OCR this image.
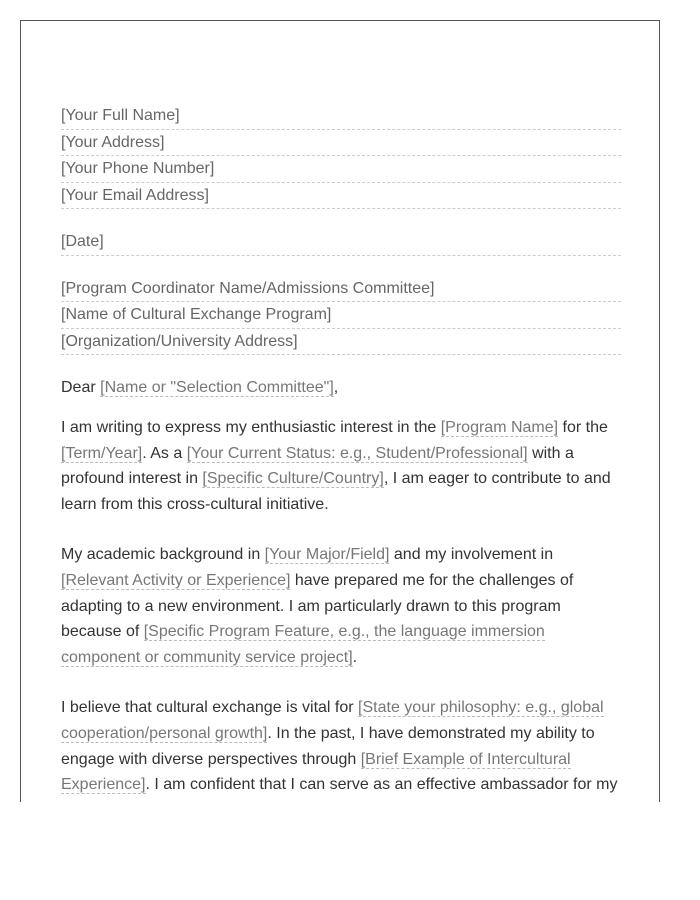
[Your Full Name]
[Your Address]
[Your Phone Number]
[Your Email Address]
[Date]
[Program Coordinator Name/Admissions Committee]
[Name of Cultural Exchange Program]
[Organization/University Address]
Dear [Name or "Selection Committee"],

I am writing to express my enthusiastic interest in the [Program Name] for the [Term/Year]. As a [Your Current Status: e.g., Student/Professional] with a profound interest in [Specific Culture/Country], I am eager to contribute to and learn from this cross-cultural initiative.

My academic background in [Your Major/Field] and my involvement in [Relevant Activity or Experience] have prepared me for the challenges of adapting to a new environment. I am particularly drawn to this program because of [Specific Program Feature, e.g., the language immersion component or community service project].

I believe that cultural exchange is vital for [State your philosophy: e.g., global cooperation/personal growth]. In the past, I have demonstrated my ability to engage with diverse perspectives through [Brief Example of Intercultural Experience]. I am confident that I can serve as an effective ambassador for my
